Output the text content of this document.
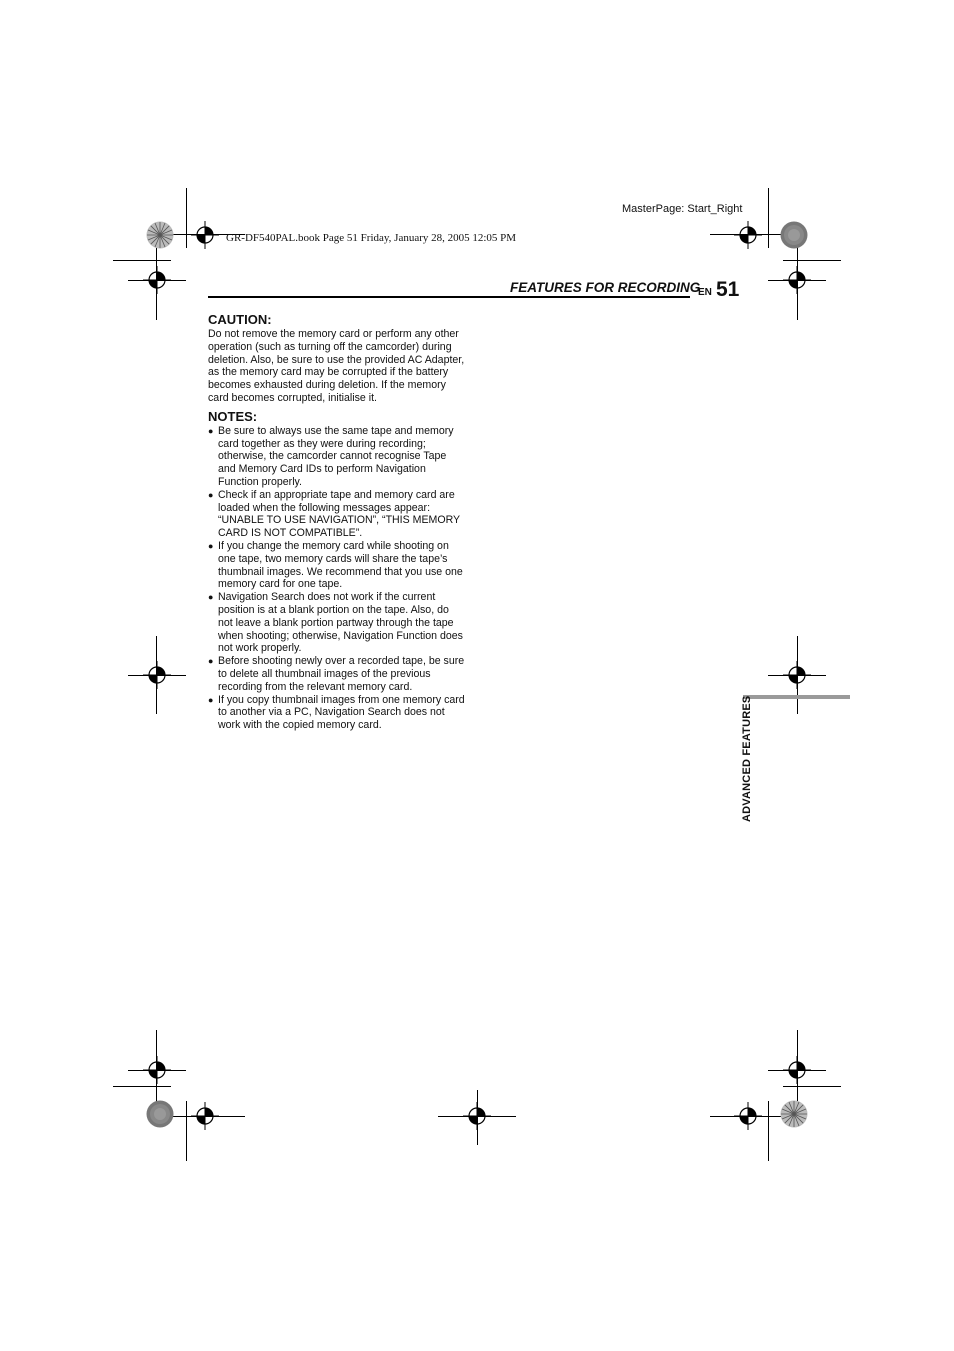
MasterPage: Start_Right
GR-DF540PAL.book Page 51 Friday, January 28, 2005 12:05 PM
FEATURES FOR RECORDING
EN 51

CAUTION:

Do not remove the memory card or perform any other operation (such as turning off the camcorder) during deletion. Also, be sure to use the provided AC Adapter, as the memory card may be corrupted if the battery becomes exhausted during deletion. If the memory card becomes corrupted, initialise it.

NOTES:

● Be sure to always use the same tape and memory card together as they were during recording; otherwise, the camcorder cannot recognise Tape and Memory Card IDs to perform Navigation Function properly.

● Check if an appropriate tape and memory card are loaded when the following messages appear: “UNABLE TO USE NAVIGATION”, “THIS MEMORY CARD IS NOT COMPATIBLE”.

● If you change the memory card while shooting on one tape, two memory cards will share the tape’s thumbnail images. We recommend that you use one memory card for one tape.

● Navigation Search does not work if the current position is at a blank portion on the tape. Also, do not leave a blank portion partway through the tape when shooting; otherwise, Navigation Function does not work properly.

● Before shooting newly over a recorded tape, be sure to delete all thumbnail images of the previous recording from the relevant memory card.

● If you copy thumbnail images from one memory card to another via a PC, Navigation Search does not work with the copied memory card.	ADVANCED FEATURES
